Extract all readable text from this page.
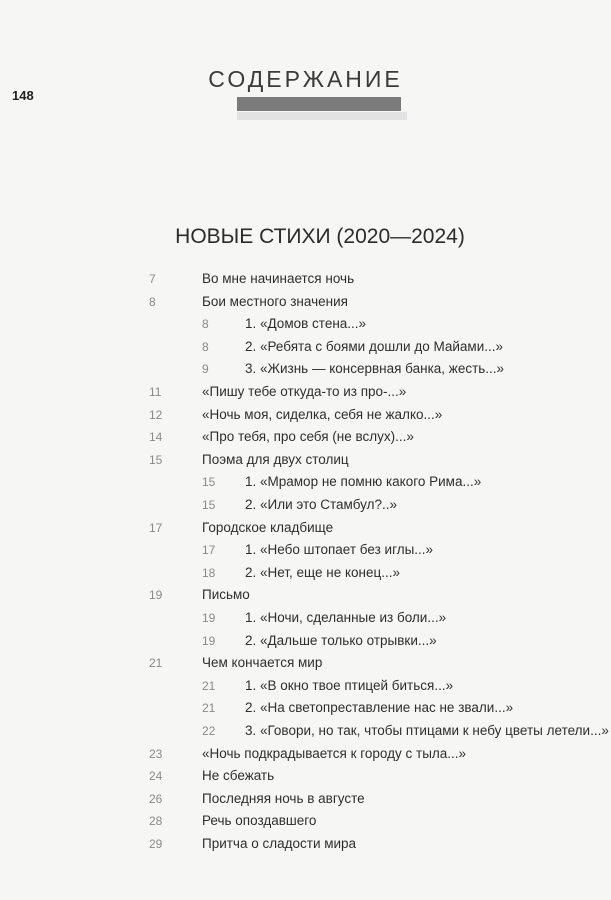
148
СОДЕРЖАНИЕ
НОВЫЕ СТИХИ (2020—2024)
7	Во мне начинается ночь
8	Бои местного значения
8	1. «Домов стена...»
8	2. «Ребята с боями дошли до Майами...»
9	3. «Жизнь — консервная банка, жесть...»
11	«Пишу тебе откуда-то из про-...»
12	«Ночь моя, сиделка, себя не жалко...»
14	«Про тебя, про себя (не вслух)...»
15	Поэма для двух столиц
15 1. «Мрамор не помню какого Рима...»
15 2. «Или это Стамбул?..»
17	Городское кладбище
17 1. «Небо штопает без иглы...»
18 2. «Нет, еще не конец...»
19	Письмо
19 1. «Ночи, сделанные из боли...»
19 2. «Дальше только отрывки...»
21	Чем кончается мир
21 1. «В окно твое птицей биться...»
21 2. «На светопреставление нас не звали...»
22 3. «Говори, но так, чтобы птицами к небу цветы летели...»
23	«Ночь подкрадывается к городу с тыла...»
24	Не сбежать
26	Последняя ночь в августе
28	Речь опоздавшего
29	Притча о сладости мира
